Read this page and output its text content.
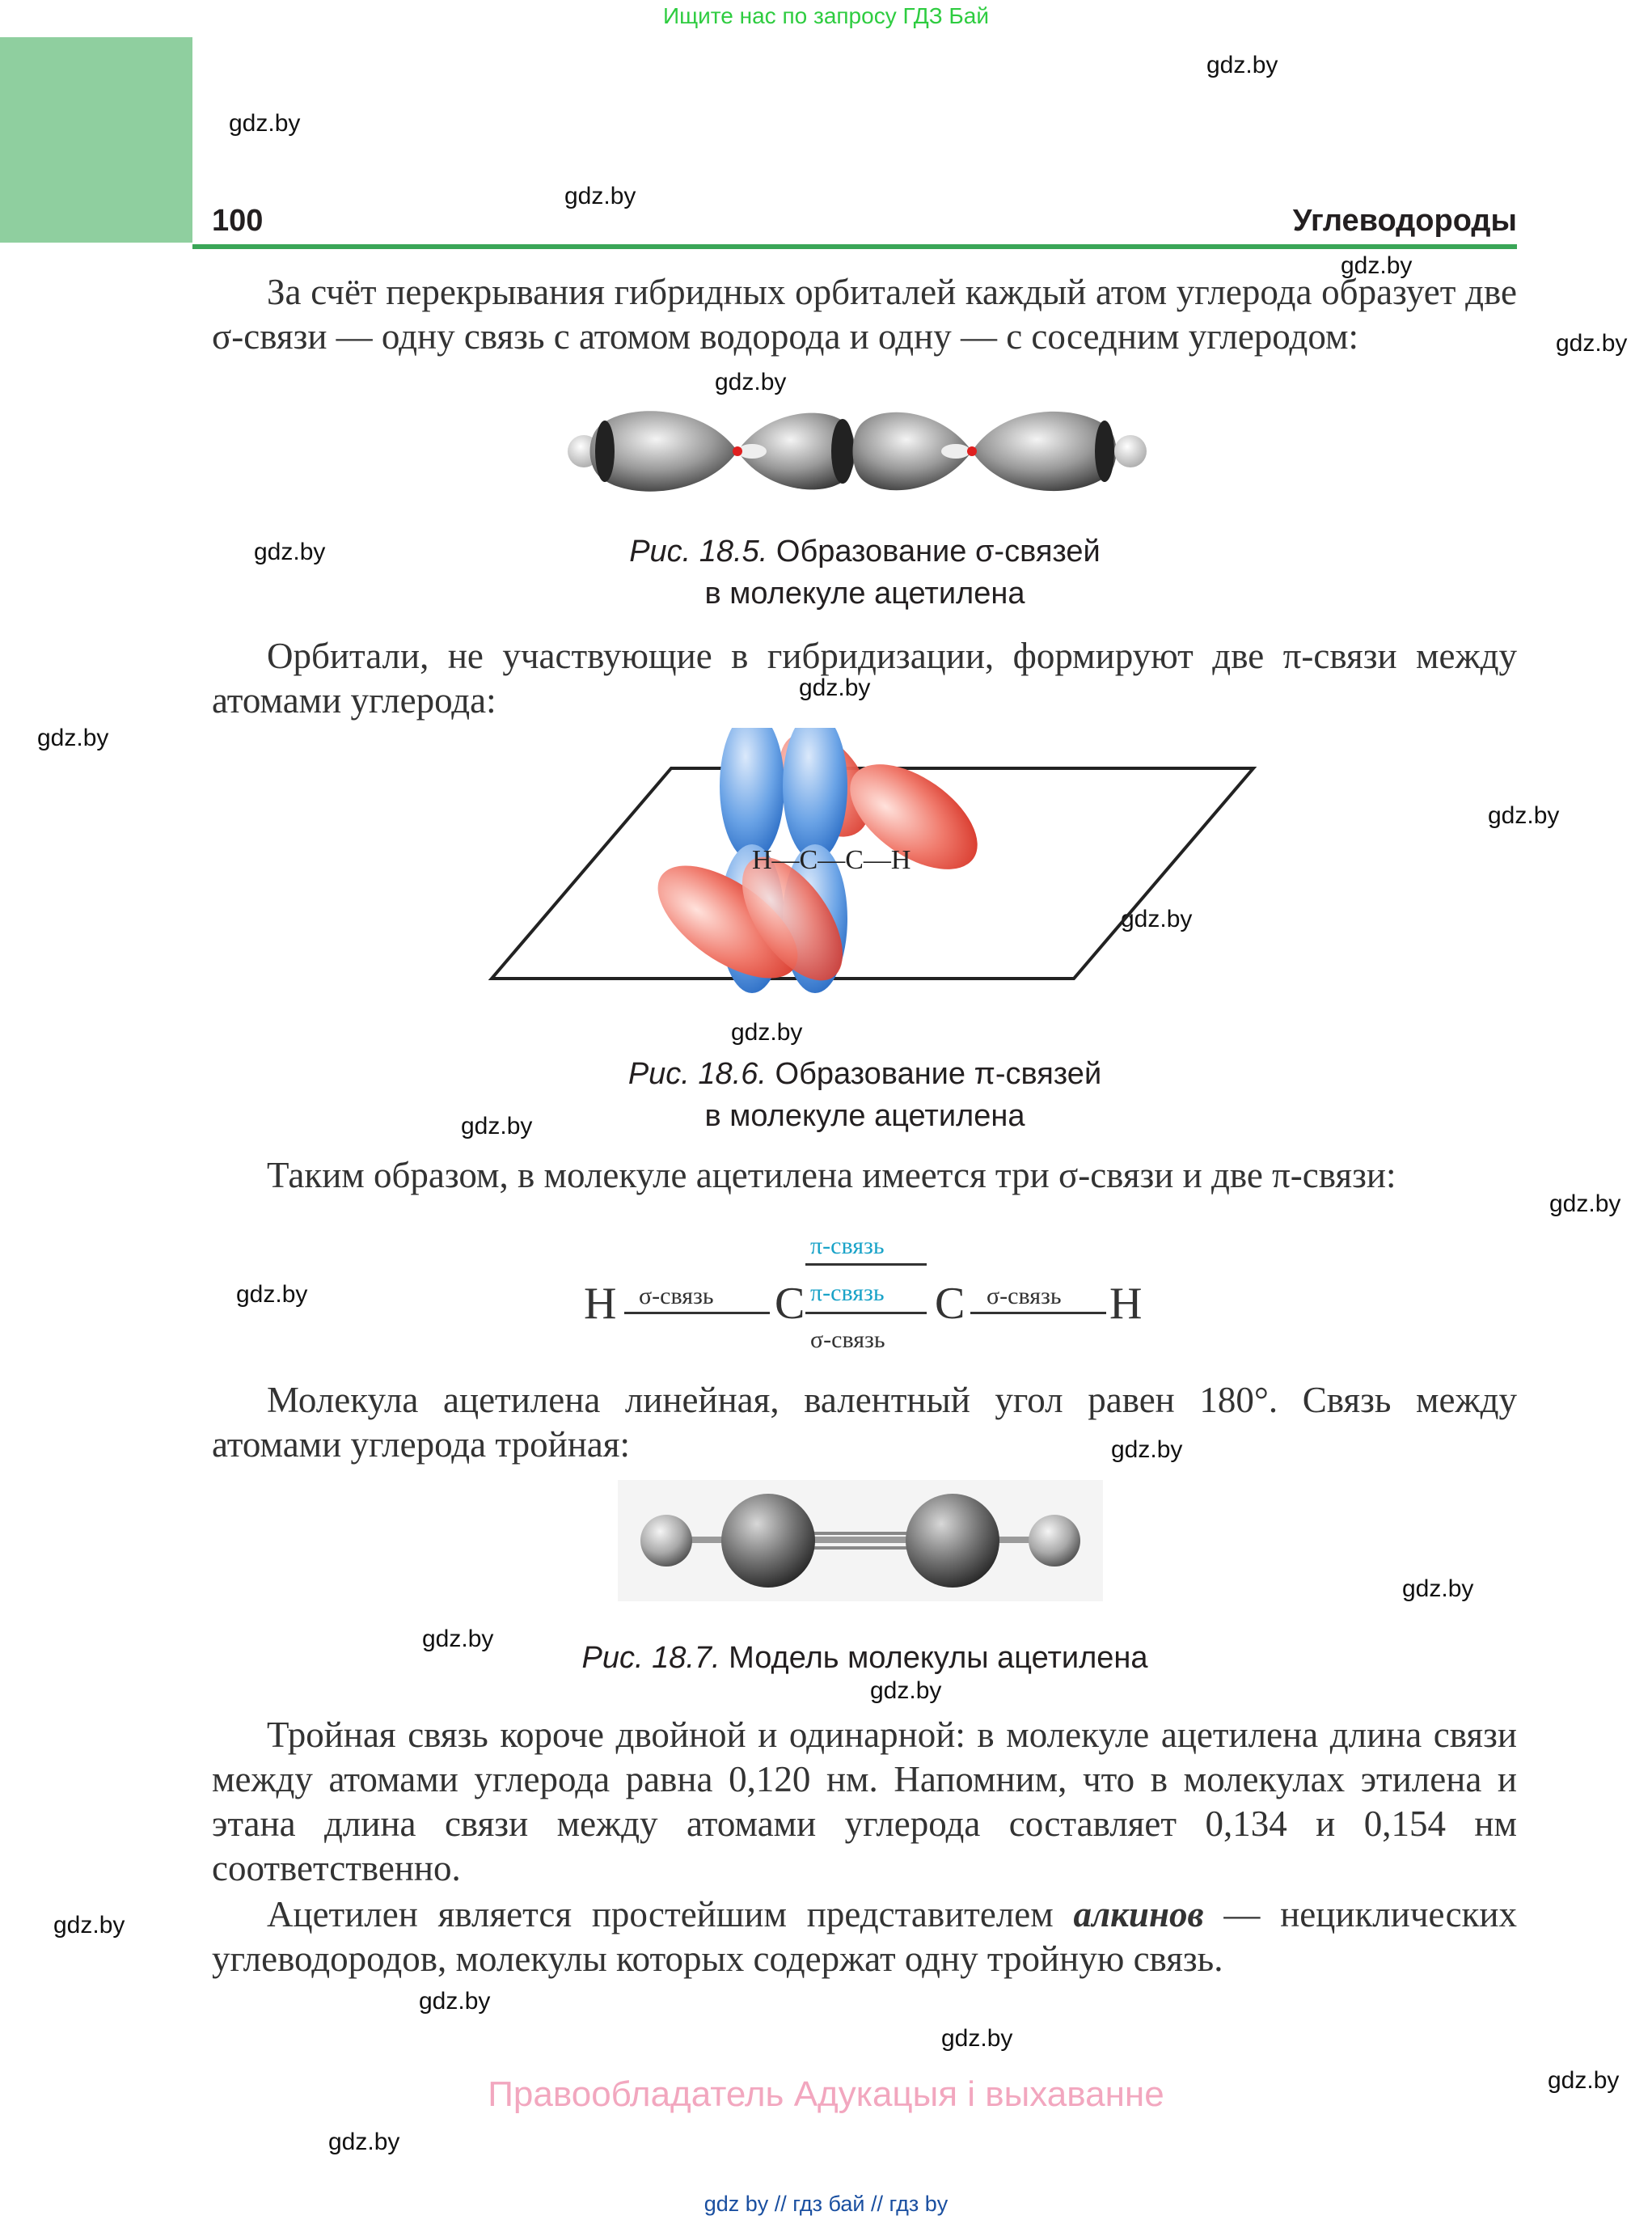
Ищите нас по запросу ГДЗ Бай
100	Углеводороды
gdz.by
gdz.by
gdz.by
gdz.by
gdz.by
gdz.by
gdz.by
gdz.by
gdz.by
gdz.by
gdz.by
gdz.by
gdz.by
gdz.by
gdz.by
gdz.by
gdz.by
gdz.by
gdz.by
gdz.by
gdz.by
gdz.by
gdz.by
gdz.by
За счёт перекрывания гибридных орбиталей каждый атом углерода образует две σ-связи — одну связь с атомом водорода и одну — с соседним углеродом:
Рис. 18.5. Образование σ-связей
в молекуле ацетилена
Орбитали, не участвующие в гибридизации, формируют две π-связи между атомами углерода:
H—C—C—H
Рис. 18.6. Образование π-связей
в молекуле ацетилена
Таким образом, в молекуле ацетилена имеется три σ-связи и две π-связи:
H σ-связь C
π-связь
π-связь
σ-связь
C σ-связь H
Молекула ацетилена линейная, валентный угол равен 180°. Связь между атомами углерода тройная:
Рис. 18.7. Модель молекулы ацетилена
Тройная связь короче двойной и одинарной: в молекуле ацетилена длина связи между атомами углерода равна 0,120 нм. Напомним, что в молекулах этилена и этана длина связи между атомами углерода составляет 0,134 и 0,154 нм соответственно.
Ацетилен является простейшим представителем алкинов — нециклических углеводородов, молекулы которых содержат одну тройную связь.
Правообладатель Адукацыя і выхаванне
gdz by // гдз бай // гдз by
